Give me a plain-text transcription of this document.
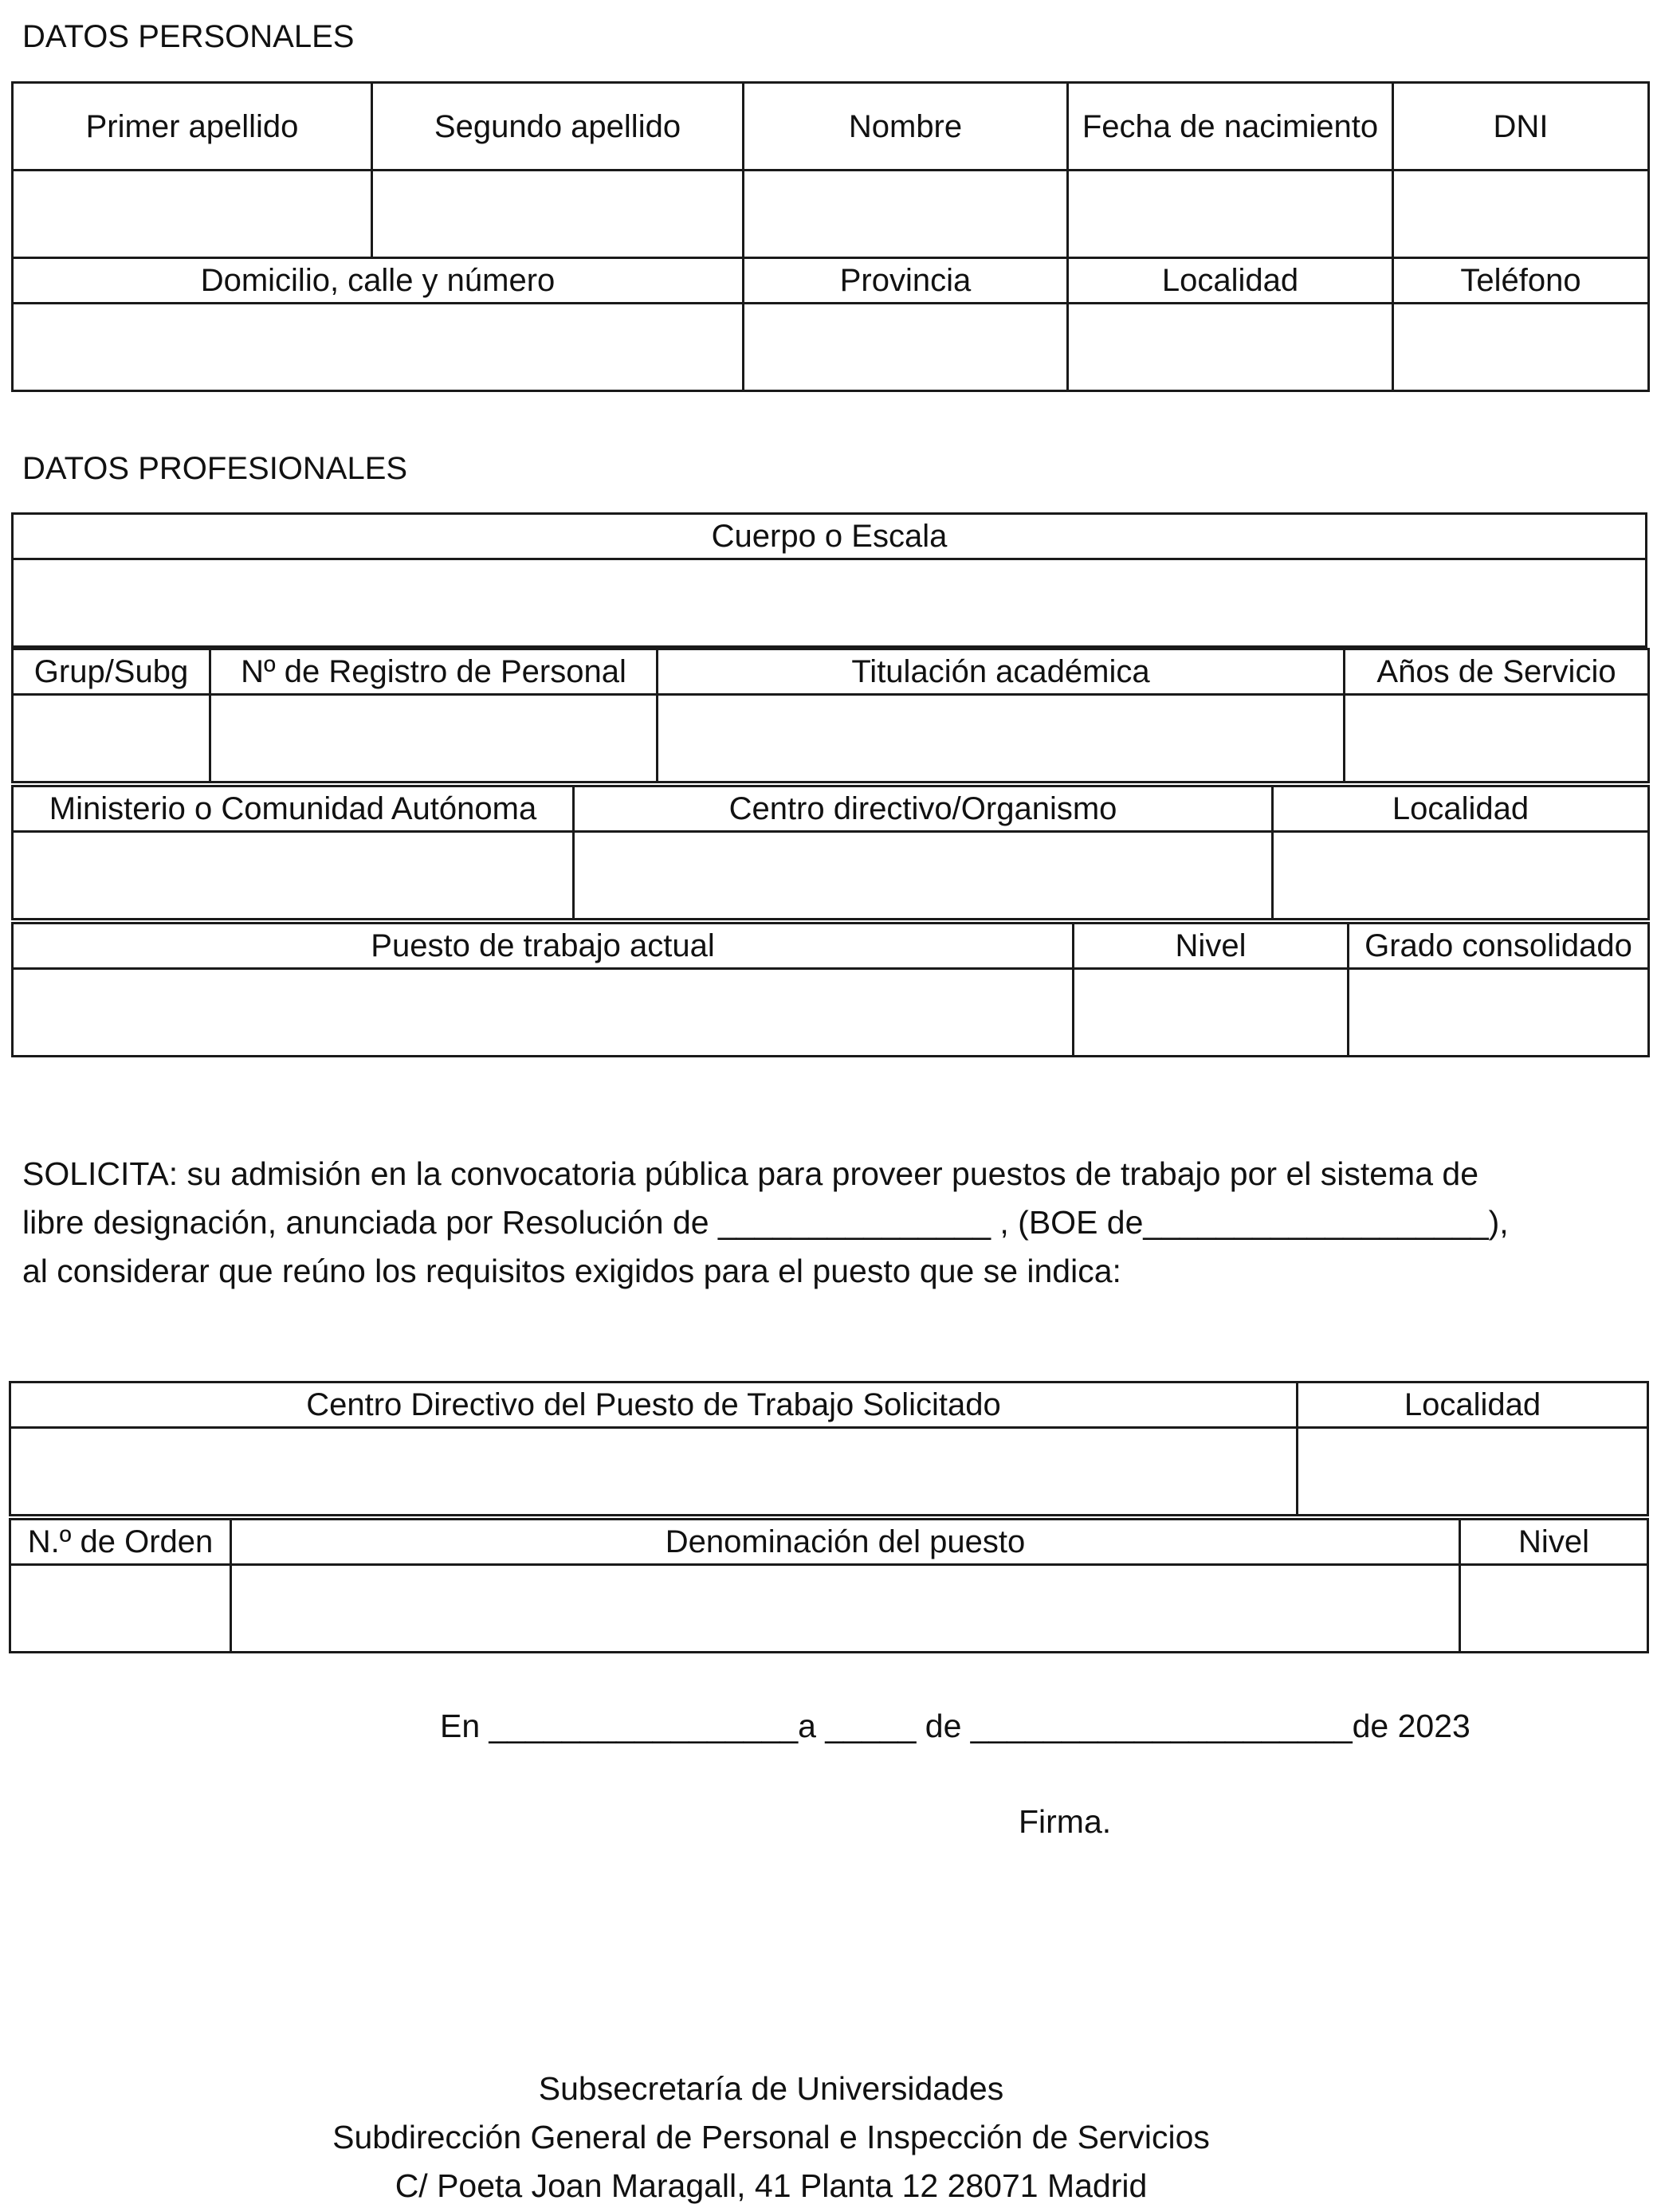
DATOS PERSONALES
Primer apellido	Segundo apellido	Nombre	Fecha de nacimiento	DNI

Domicilio, calle y número		Provincia	Localidad	Teléfono

DATOS PROFESIONALES
Cuerpo o Escala

Grup/Subg	Nº de Registro de Personal	Titulación académica	Años de Servicio

Ministerio o Comunidad Autónoma	Centro directivo/Organismo	Localidad

Puesto de trabajo actual	Nivel	Grado consolidado

SOLICITA: su admisión en la convocatoria pública para proveer puestos de trabajo por el sistema de
libre designación, anunciada por Resolución de _______________ , (BOE de___________________),
al considerar que reúno los requisitos exigidos para el puesto que se indica:
Centro Directivo del Puesto de Trabajo Solicitado	Localidad

N.º de Orden	Denominación del puesto	Nivel

En _________________a _____ de _____________________de 2023
Firma.
Subsecretaría de Universidades
Subdirección General de Personal e Inspección de Servicios
C/ Poeta Joan Maragall, 41 Planta 12 28071 Madrid
